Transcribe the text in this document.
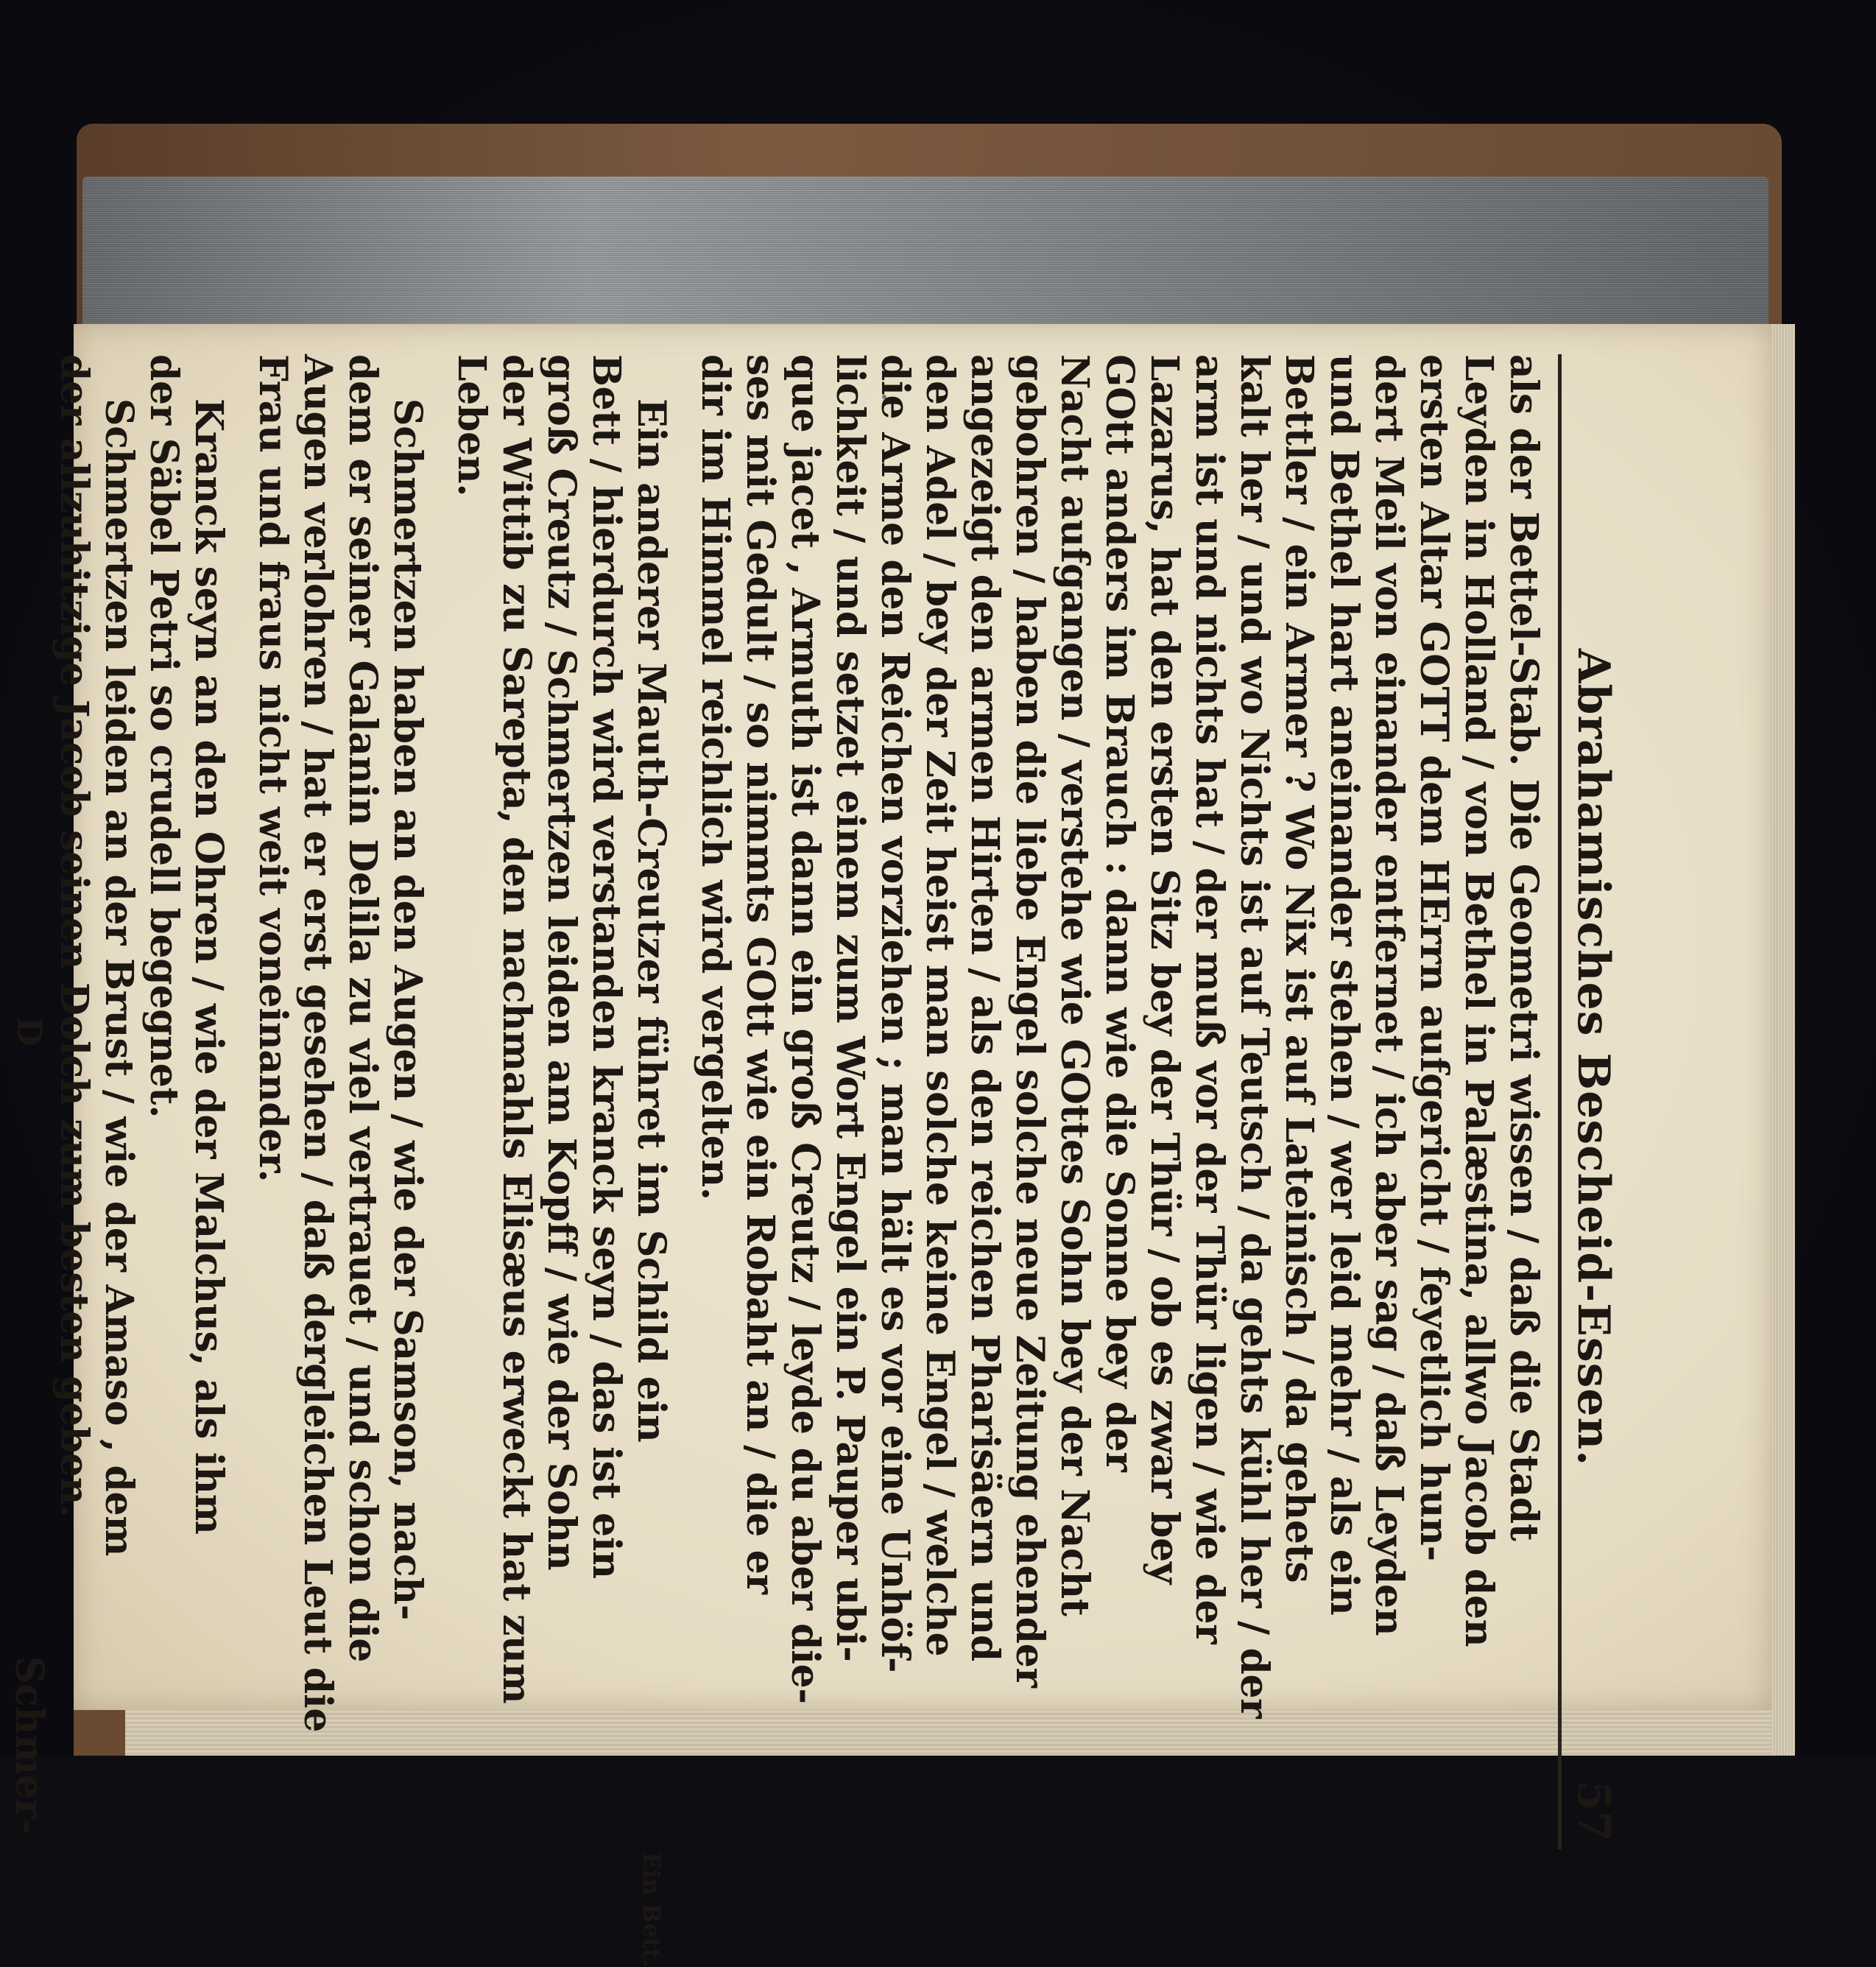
Abrahamisches Bescheid-Essen.
57
als der Bettel-Stab. Die Geometri wissen / daß die Stadt
Leyden in Holland / von Bethel in Palæstina, allwo Jacob den
ersten Altar GOTT dem HErrn aufgericht / feyetlich hun-
dert Meil von einander entfernet / ich aber sag / daß Leyden
und Bethel hart aneinander stehen / wer leid mehr / als ein
Bettler / ein Armer ? Wo Nix ist auf Lateinisch / da gehets
kalt her / und wo Nichts ist auf Teutsch / da gehts kühl her / der
arm ist und nichts hat / der muß vor der Thür ligen / wie der
Lazarus, hat den ersten Sitz bey der Thür / ob es zwar bey
GOtt anders im Brauch : dann wie die Sonne bey der
Nacht aufgangen / verstehe wie GOttes Sohn bey der Nacht
gebohren / haben die liebe Engel solche neue Zeitung ehender
angezeigt den armen Hirten / als den reichen Pharisäern und
den Adel / bey der Zeit heist man solche keine Engel / welche
die Arme den Reichen vorziehen ; man hält es vor eine Unhöf-
lichkeit / und setzet einem zum Wort Engel ein P. Pauper ubi-
que jacet , Armuth ist dann ein groß Creutz / leyde du aber die-
ses mit Gedult / so nimmts GOtt wie ein Robaht an / die er
dir im Himmel reichlich wird vergelten.
Ein Bett.
Ein anderer Mauth-Creutzer führet im Schild ein
Bett / hierdurch wird verstanden kranck seyn / das ist ein
groß Creutz / Schmertzen leiden am Kopff / wie der Sohn
der Wittib zu Sarepta, den nachmahls Elisæus erweckt hat zum
Leben.
Schmertzen haben an den Augen / wie der Samson, nach-
dem er seiner Galanin Delila zu viel vertrauet / und schon die
Augen verlohren / hat er erst gesehen / daß dergleichen Leut die
Frau und fraus nicht weit voneinander.
Kranck seyn an den Ohren / wie der Malchus, als ihm
der Säbel Petri so crudell begegnet.
Schmertzen leiden an der Brust / wie der Amaso , dem
der allzuhitzige Jacob seinen Dolch zum besten geben.
D
Schmer-
